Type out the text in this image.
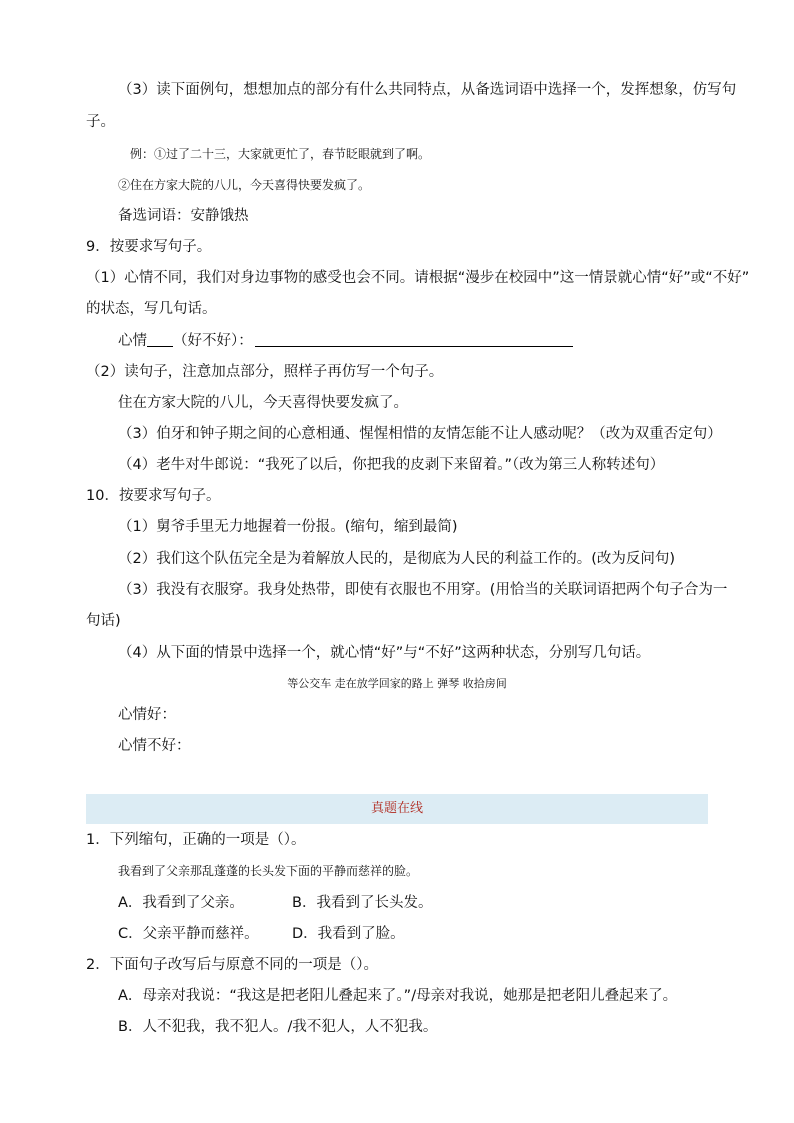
（3）读下面例句，想想加点的部分有什么共同特点，从备选词语中选择一个，发挥想象，仿写句
子。
例：①过了二十三，大家就更忙了，春节眨眼就到了啊。
②住在方家大院的八儿，今天喜得快要发疯了。
备选词语：安静饿热
9．按要求写句子。
（1）心情不同，我们对身边事物的感受也会不同。请根据“漫步在校园中”这一情景就心情“好”或“不好”
的状态，写几句话。
心情 （好不好）：
（2）读句子，注意加点部分，照样子再仿写一个句子。
住在方家大院的八儿，今天喜得快要发疯了。
（3）伯牙和钟子期之间的心意相通、惺惺相惜的友情怎能不让人感动呢？（改为双重否定句）
（4）老牛对牛郎说：“我死了以后，你把我的皮剥下来留着。”（改为第三人称转述句）
10．按要求写句子。
（1）舅爷手里无力地握着一份报。(缩句，缩到最简)
（2）我们这个队伍完全是为着解放人民的，是彻底为人民的利益工作的。(改为反问句)
（3）我没有衣服穿。我身处热带，即使有衣服也不用穿。(用恰当的关联词语把两个句子合为一
句话)
（4）从下面的情景中选择一个，就心情“好”与“不好”这两种状态，分别写几句话。
等公交车 走在放学回家的路上 弹琴 收拾房间
心情好：
心情不好：
真题在线
1．下列缩句，正确的一项是（）。
我看到了父亲那乱蓬蓬的长头发下面的平静而慈祥的脸。
A．我看到了父亲。	B．我看到了长头发。
C．父亲平静而慈祥。 D．我看到了脸。
2．下面句子改写后与原意不同的一项是（）。
A．母亲对我说：“我这是把老阳儿叠起来了。”/母亲对我说，她那是把老阳儿叠起来了。
B．人不犯我，我不犯人。/我不犯人，人不犯我。
